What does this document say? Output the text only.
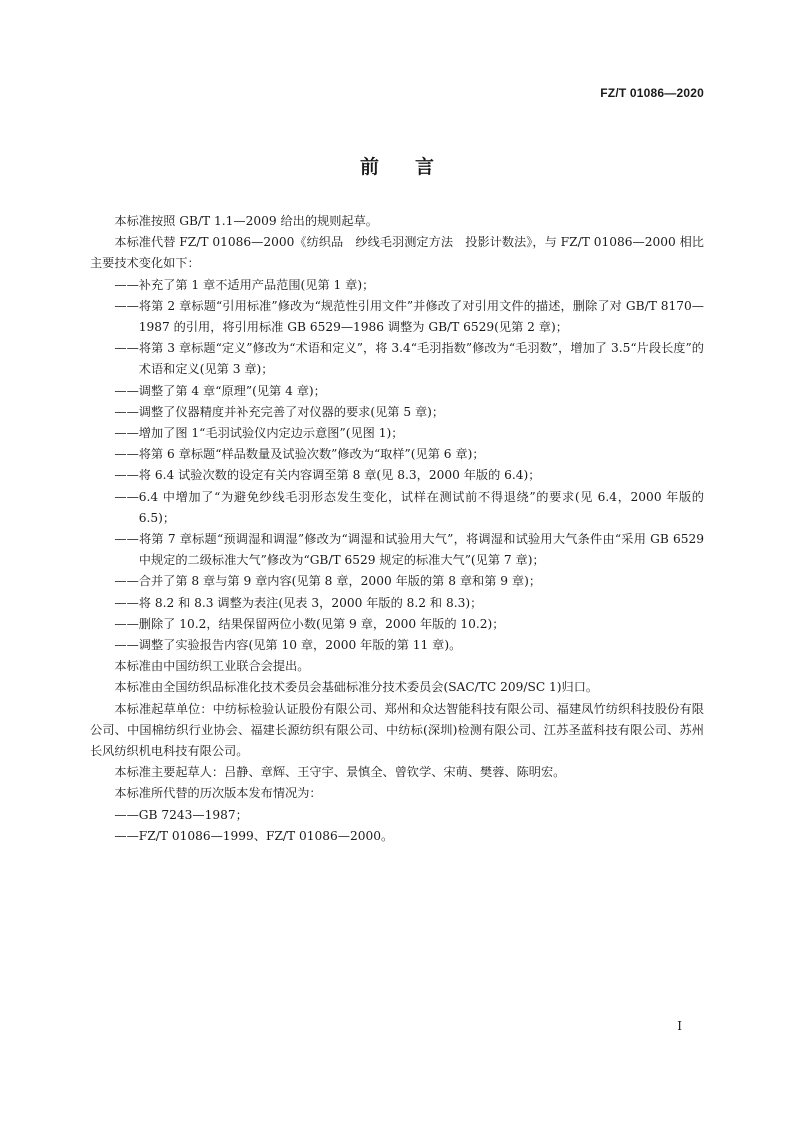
FZ/T 01086—2020
前言

本标准按照 GB/T 1.1—2009 给出的规则起草。

本标准代替 FZ/T 01086—2000《纺织品　纱线毛羽测定方法　投影计数法》，与 FZ/T 01086—2000 相比主要技术变化如下：

——补充了第 1 章不适用产品范围(见第 1 章)；

——将第 2 章标题“引用标准”修改为“规范性引用文件”并修改了对引用文件的描述，删除了对 GB/T 8170—1987 的引用，将引用标准 GB 6529—1986 调整为 GB/T 6529(见第 2 章)；

——将第 3 章标题“定义”修改为“术语和定义”，将 3.4“毛羽指数”修改为“毛羽数”，增加了 3.5“片段长度”的术语和定义(见第 3 章)；

——调整了第 4 章“原理”(见第 4 章)；

——调整了仪器精度并补充完善了对仪器的要求(见第 5 章)；

——增加了图 1“毛羽试验仪内定边示意图”(见图 1)；

——将第 6 章标题“样品数量及试验次数”修改为“取样”(见第 6 章)；

——将 6.4 试验次数的设定有关内容调至第 8 章(见 8.3，2000 年版的 6.4)；

——6.4 中增加了“为避免纱线毛羽形态发生变化，试样在测试前不得退绕”的要求(见 6.4，2000 年版的 6.5)；

——将第 7 章标题“预调湿和调湿”修改为“调湿和试验用大气”，将调湿和试验用大气条件由“采用 GB 6529 中规定的二级标准大气”修改为“GB/T 6529 规定的标准大气”(见第 7 章)；

——合并了第 8 章与第 9 章内容(见第 8 章，2000 年版的第 8 章和第 9 章)；

——将 8.2 和 8.3 调整为表注(见表 3，2000 年版的 8.2 和 8.3)；

——删除了 10.2，结果保留两位小数(见第 9 章，2000 年版的 10.2)；

——调整了实验报告内容(见第 10 章，2000 年版的第 11 章)。

本标准由中国纺织工业联合会提出。

本标准由全国纺织品标准化技术委员会基础标准分技术委员会(SAC/TC 209/SC 1)归口。

本标准起草单位：中纺标检验认证股份有限公司、郑州和众达智能科技有限公司、福建凤竹纺织科技股份有限公司、中国棉纺织行业协会、福建长源纺织有限公司、中纺标(深圳)检测有限公司、江苏圣蓝科技有限公司、苏州长风纺织机电科技有限公司。

本标准主要起草人：吕静、章辉、王守宇、景慎全、曾钦学、宋萌、樊蓉、陈明宏。

本标准所代替的历次版本发布情况为：

——GB 7243—1987；

——FZ/T 01086—1999、FZ/T 01086—2000。

I
